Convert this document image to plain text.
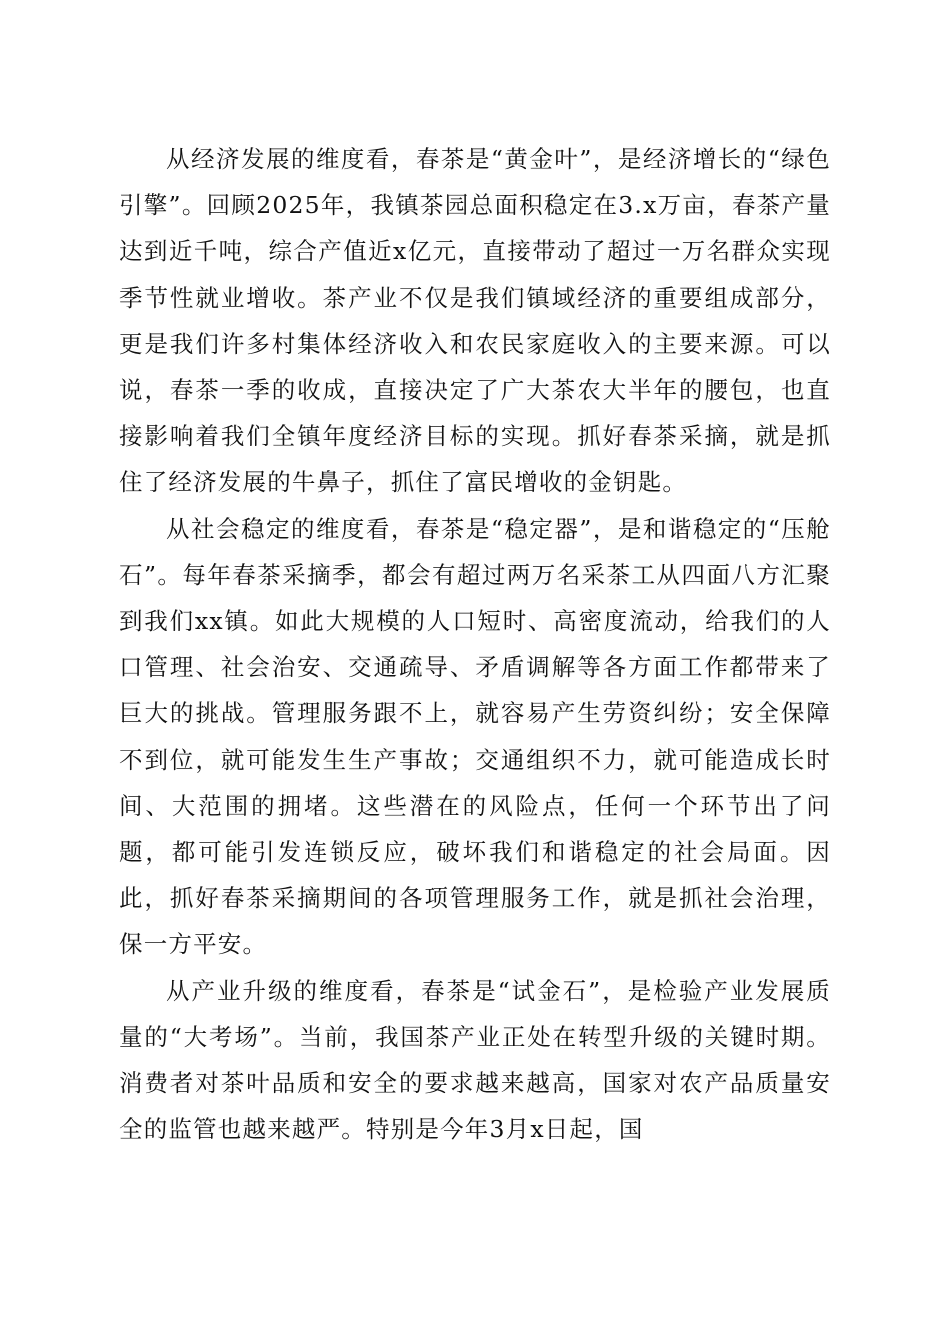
从经济发展的维度看，春茶是“黄金叶”，是经济增长的“绿色引擎”。回顾2025年，我镇茶园总面积稳定在3.x万亩，春茶产量达到近千吨，综合产值近x亿元，直接带动了超过一万名群众实现季节性就业增收。茶产业不仅是我们镇域经济的重要组成部分，更是我们许多村集体经济收入和农民家庭收入的主要来源。可以说，春茶一季的收成，直接决定了广大茶农大半年的腰包，也直接影响着我们全镇年度经济目标的实现。抓好春茶采摘，就是抓住了经济发展的牛鼻子，抓住了富民增收的金钥匙。

从社会稳定的维度看，春茶是“稳定器”，是和谐稳定的“压舱石”。每年春茶采摘季，都会有超过两万名采茶工从四面八方汇聚到我们xx镇。如此大规模的人口短时、高密度流动，给我们的人口管理、社会治安、交通疏导、矛盾调解等各方面工作都带来了巨大的挑战。管理服务跟不上，就容易产生劳资纠纷；安全保障不到位，就可能发生生产事故；交通组织不力，就可能造成长时间、大范围的拥堵。这些潜在的风险点，任何一个环节出了问题，都可能引发连锁反应，破坏我们和谐稳定的社会局面。因此，抓好春茶采摘期间的各项管理服务工作，就是抓社会治理，保一方平安。

从产业升级的维度看，春茶是“试金石”，是检验产业发展质量的“大考场”。当前，我国茶产业正处在转型升级的关键时期。消费者对茶叶品质和安全的要求越来越高，国家对农产品质量安全的监管也越来越严。特别是今年3月x日起，国
